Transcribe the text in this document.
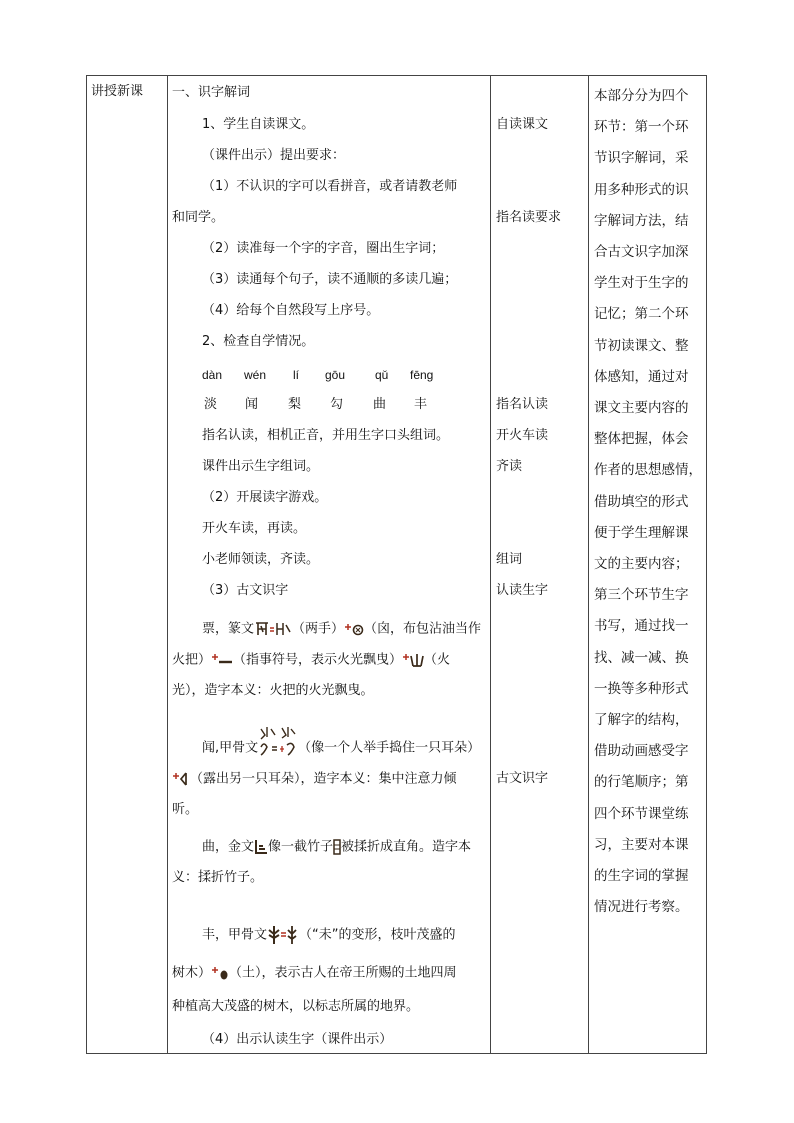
讲授新课 一、识字解词
1、学生自读课文。
（课件出示）提出要求：
（1）不认识的字可以看拼音，或者请教老师
和同学。
（2）读准每一个字的字音，圈出生字词；
（3）读通每个句子，读不通顺的多读几遍；
（4）给每个自然段写上序号。
2、检查自学情况。
dàn wén lí gōu qǔ fēng
淡 闻 梨 勾 曲 丰
指名认读，相机正音，并用生字口头组词。
课件出示生字组词。
（2）开展读字游戏。
开火车读，再读。
小老师领读，齐读。
（3）古文识字
票，篆文	（两手） （囟，布包沾油当作
火把） （指事符号，表示火光飘曳） （火
光），造字本义：火把的火光飘曳。
闻,甲骨文	（像一个人举手捣住一只耳朵）
（露出另一只耳朵），造字本义：集中注意力倾
听。
曲，金文 像一截竹子 被揉折成直角。造字本
义：揉折竹子。
丰，甲骨文 （“未”的变形，枝叶茂盛的
树木） （土），表示古人在帝王所赐的土地四周
种植高大茂盛的树木，以标志所属的地界。
（4）出示认读生字（课件出示）
自读课文
指名读要求
指名认读
开火车读
齐读
组词
认读生字
古文识字
本部分分为四个
环节：第一个环
节识字解词，采
用多种形式的识
字解词方法，结
合古文识字加深
学生对于生字的
记忆；第二个环
节初读课文、整
体感知，通过对
课文主要内容的
整体把握，体会
作者的思想感情，
借助填空的形式
便于学生理解课
文的主要内容；
第三个环节生字
书写，通过找一
找、减一减、换
一换等多种形式
了解字的结构，
借助动画感受字
的行笔顺序；第
四个环节课堂练
习，主要对本课
的生字词的掌握
情况进行考察。
